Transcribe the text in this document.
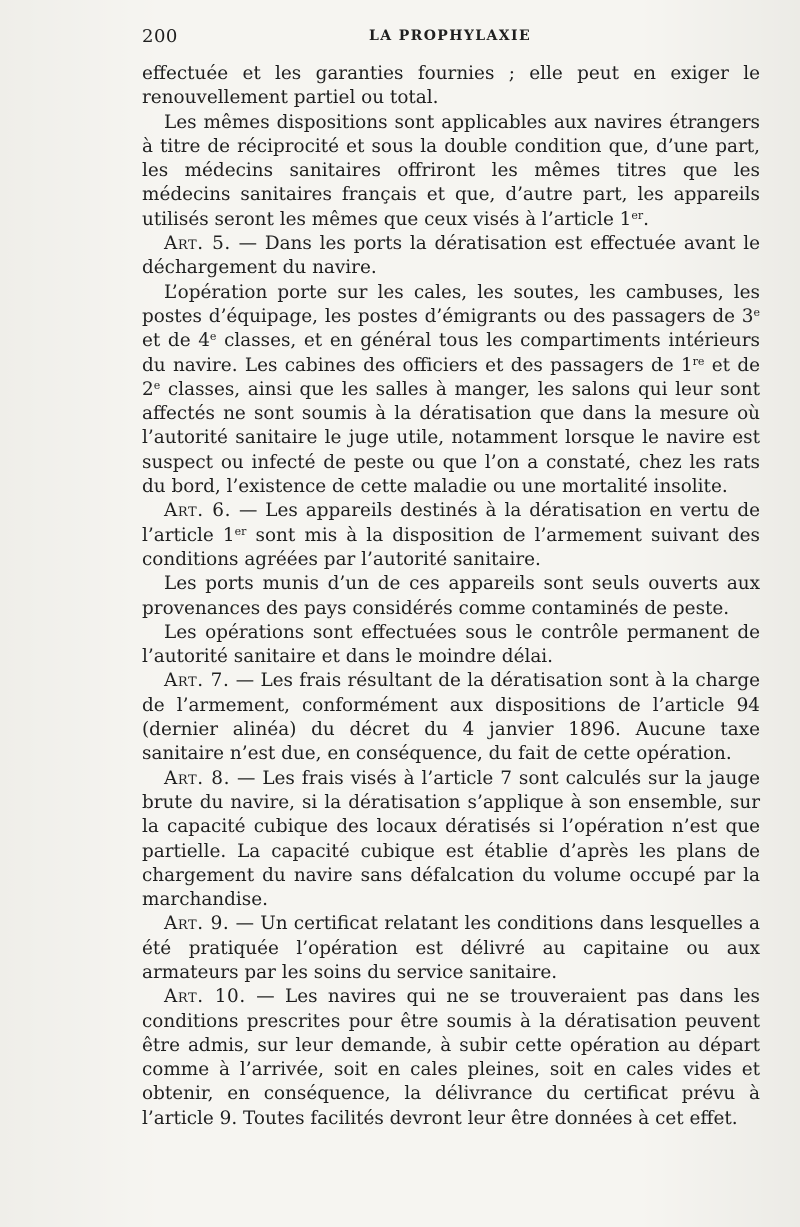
200	LA PROPHYLAXIE

effectuée et les garanties fournies ; elle peut en exiger le renouvellement partiel ou total.

Les mêmes dispositions sont applicables aux navires étrangers à titre de réciprocité et sous la double condition que, d’une part, les médecins sanitaires offriront les mêmes titres que les médecins sanitaires français et que, d’autre part, les appareils utilisés seront les mêmes que ceux visés à l’article 1er.

Art. 5. — Dans les ports la dératisation est effectuée avant le déchargement du navire.

L’opération porte sur les cales, les soutes, les cambuses, les postes d’équipage, les postes d’émigrants ou des passagers de 3e et de 4e classes, et en général tous les compartiments intérieurs du navire. Les cabines des officiers et des passagers de 1re et de 2e classes, ainsi que les salles à manger, les salons qui leur sont affectés ne sont soumis à la dératisation que dans la mesure où l’autorité sanitaire le juge utile, notamment lorsque le navire est suspect ou infecté de peste ou que l’on a constaté, chez les rats du bord, l’existence de cette maladie ou une mortalité insolite.

Art. 6. — Les appareils destinés à la dératisation en vertu de l’article 1er sont mis à la disposition de l’armement suivant des conditions agréées par l’autorité sanitaire.

Les ports munis d’un de ces appareils sont seuls ouverts aux provenances des pays considérés comme contaminés de peste.

Les opérations sont effectuées sous le contrôle permanent de l’autorité sanitaire et dans le moindre délai.

Art. 7. — Les frais résultant de la dératisation sont à la charge de l’armement, conformément aux dispositions de l’article 94 (dernier alinéa) du décret du 4 janvier 1896. Aucune taxe sanitaire n’est due, en conséquence, du fait de cette opération.

Art. 8. — Les frais visés à l’article 7 sont calculés sur la jauge brute du navire, si la dératisation s’applique à son ensemble, sur la capacité cubique des locaux dératisés si l’opération n’est que partielle. La capacité cubique est établie d’après les plans de chargement du navire sans défalcation du volume occupé par la marchandise.

Art. 9. — Un certificat relatant les conditions dans lesquelles a été pratiquée l’opération est délivré au capitaine ou aux armateurs par les soins du service sanitaire.

Art. 10. — Les navires qui ne se trouveraient pas dans les conditions prescrites pour être soumis à la dératisation peuvent être admis, sur leur demande, à subir cette opération au départ comme à l’arrivée, soit en cales pleines, soit en cales vides et obtenir, en conséquence, la délivrance du certificat prévu à l’article 9. Toutes facilités devront leur être données à cet effet.
